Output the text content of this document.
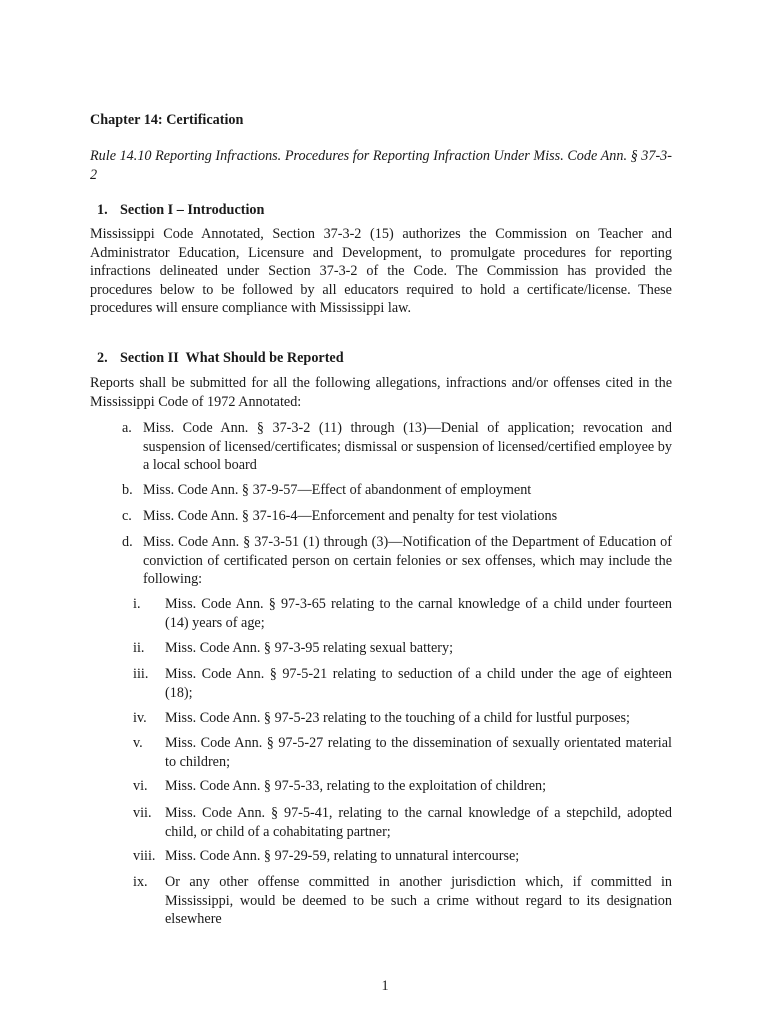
Chapter 14: Certification
Rule 14.10 Reporting Infractions. Procedures for Reporting Infraction Under Miss. Code Ann. § 37-3-2
1. Section I – Introduction
Mississippi Code Annotated, Section 37-3-2 (15) authorizes the Commission on Teacher and Administrator Education, Licensure and Development, to promulgate procedures for reporting infractions delineated under Section 37-3-2 of the Code. The Commission has provided the procedures below to be followed by all educators required to hold a certificate/license. These procedures will ensure compliance with Mississippi law.
2. Section II  What Should be Reported
Reports shall be submitted for all the following allegations, infractions and/or offenses cited in the Mississippi Code of 1972 Annotated:
a. Miss. Code Ann. § 37-3-2 (11) through (13)—Denial of application; revocation and suspension of licensed/certificates; dismissal or suspension of licensed/certified employee by a local school board
b. Miss. Code Ann. § 37-9-57—Effect of abandonment of employment
c. Miss. Code Ann. § 37-16-4—Enforcement and penalty for test violations
d. Miss. Code Ann. § 37-3-51 (1) through (3)—Notification of the Department of Education of conviction of certificated person on certain felonies or sex offenses, which may include the following:
i. Miss. Code Ann. § 97-3-65 relating to the carnal knowledge of a child under fourteen (14) years of age;
ii. Miss. Code Ann. § 97-3-95 relating sexual battery;
iii. Miss. Code Ann. § 97-5-21 relating to seduction of a child under the age of eighteen (18);
iv. Miss. Code Ann. § 97-5-23 relating to the touching of a child for lustful purposes;
v. Miss. Code Ann. § 97-5-27 relating to the dissemination of sexually orientated material to children;
vi. Miss. Code Ann. § 97-5-33, relating to the exploitation of children;
vii. Miss. Code Ann. § 97-5-41, relating to the carnal knowledge of a stepchild, adopted child, or child of a cohabitating partner;
viii. Miss. Code Ann. § 97-29-59, relating to unnatural intercourse;
ix. Or any other offense committed in another jurisdiction which, if committed in Mississippi, would be deemed to be such a crime without regard to its designation elsewhere
1
